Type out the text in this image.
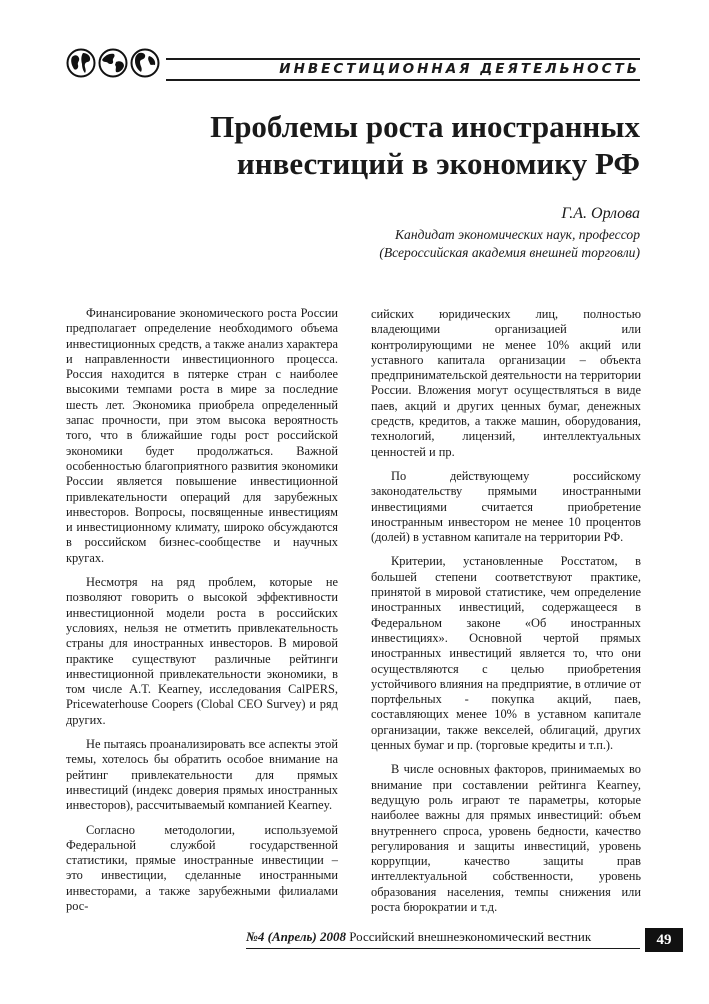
ИНВЕСТИЦИОННАЯ ДЕЯТЕЛЬНОСТЬ
Проблемы роста иностранных
инвестиций в экономику РФ
Г.А. Орлова
Кандидат экономических наук, профессор
(Всероссийская академия внешней торговли)

Финансирование экономического роста России предполагает определение необходимого объема инвестиционных средств, а также анализ характера и направленности инвестиционного процесса. Россия находится в пятерке стран с наиболее высокими темпами роста в мире за последние шесть лет. Экономика приобрела определенный запас прочности, при этом высока вероятность того, что в ближайшие годы рост российской экономики будет продолжаться. Важной особенностью благоприятного развития экономики России является повышение инвестиционной привлекательности операций для зарубежных инвесторов. Вопросы, посвященные инвестициям и инвестиционному климату, широко обсуждаются в российском бизнес-сообществе и научных кругах.

Несмотря на ряд проблем, которые не позволяют говорить о высокой эффективности инвестиционной модели роста в российских условиях, нельзя не отметить привлекательность страны для иностранных инвесторов. В мировой практике существуют различные рейтинги инвестиционной привлекательности экономики, в том числе A.T. Kearney, исследования CalPERS, Pricewaterhouse Coopers (Clobal CEO Survey) и ряд других.

Не пытаясь проанализировать все аспекты этой темы, хотелось бы обратить особое внимание на рейтинг привлекательности для прямых инвестиций (индекс доверия прямых иностранных инвесторов), рассчитываемый компанией Kearney.

Согласно методологии, используемой Федеральной службой государственной статистики, прямые иностранные инвестиции – это инвестиции, сделанные иностранными инвесторами, а также зарубежными филиалами рос-

сийских юридических лиц, полностью владеющими организацией или контролирующими не менее 10% акций или уставного капитала организации – объекта предпринимательской деятельности на территории России. Вложения могут осуществляться в виде паев, акций и других ценных бумаг, денежных средств, кредитов, а также машин, оборудования, технологий, лицензий, интеллектуальных ценностей и пр.

По действующему российскому законодательству прямыми иностранными инвестициями считается приобретение иностранным инвестором не менее 10 процентов (долей) в уставном капитале на территории РФ.

Критерии, установленные Росстатом, в большей степени соответствуют практике, принятой в мировой статистике, чем определение иностранных инвестиций, содержащееся в Федеральном законе «Об иностранных инвестициях». Основной чертой прямых иностранных инвестиций является то, что они осуществляются с целью приобретения устойчивого влияния на предприятие, в отличие от портфельных - покупка акций, паев, составляющих менее 10% в уставном капитале организации, также векселей, облигаций, других ценных бумаг и пр. (торговые кредиты и т.п.).

В числе основных факторов, принимаемых во внимание при составлении рейтинга Kearney, ведущую роль играют те параметры, которые наиболее важны для прямых инвестиций: объем внутреннего спроса, уровень бедности, качество регулирования и защиты инвестиций, уровень коррупции, качество защиты прав интеллектуальной собственности, уровень образования населения, темпы снижения или роста бюрократии и т.д.

№4 (Апрель) 2008 Российский внешнеэкономический вестник	49
